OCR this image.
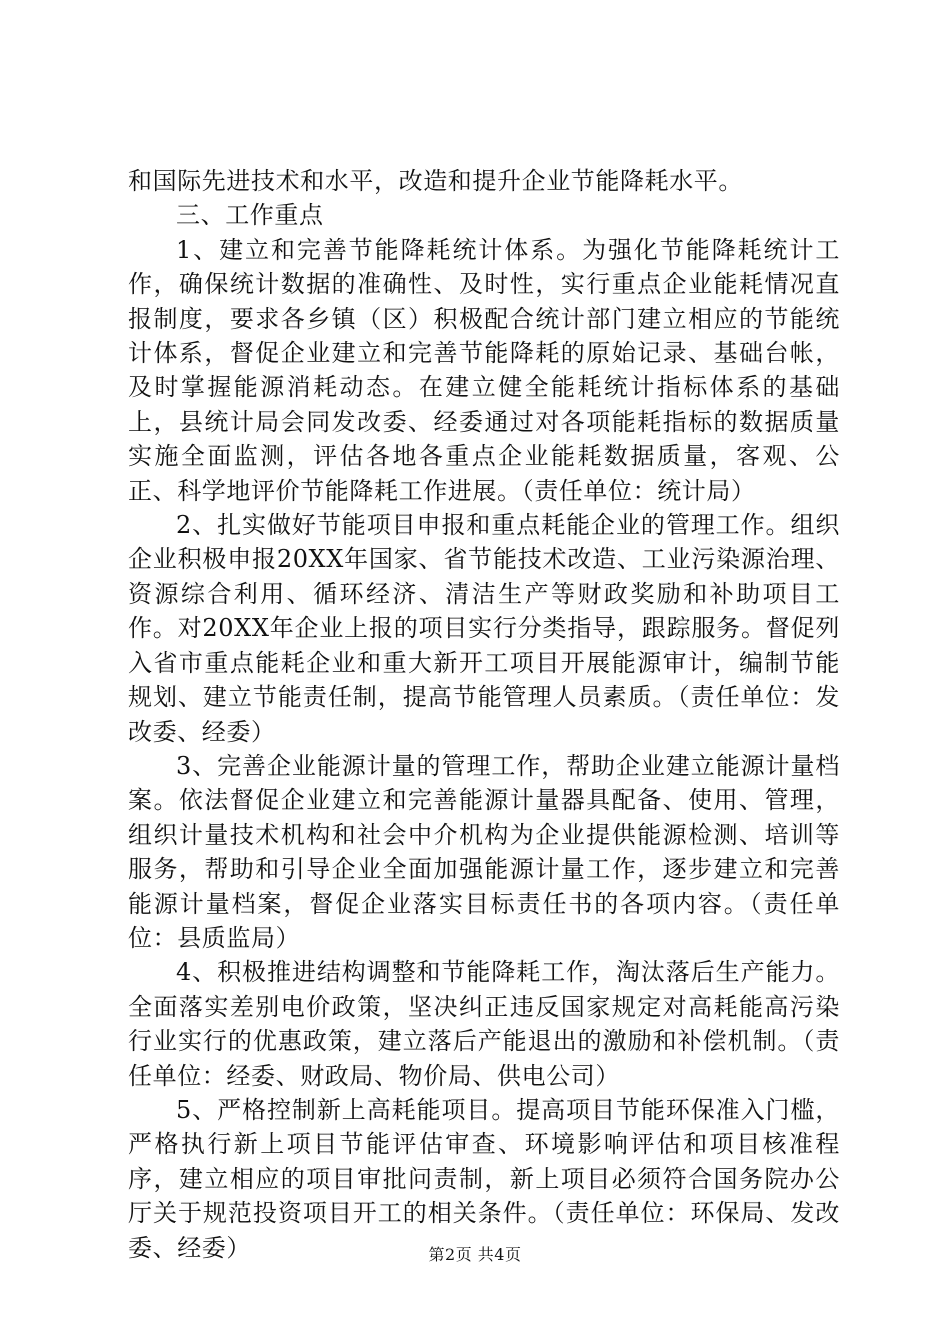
和国际先进技术和水平，改造和提升企业节能降耗水平。

三、工作重点

1、建立和完善节能降耗统计体系。为强化节能降耗统计工作，确保统计数据的准确性、及时性，实行重点企业能耗情况直报制度，要求各乡镇（区）积极配合统计部门建立相应的节能统计体系，督促企业建立和完善节能降耗的原始记录、基础台帐，及时掌握能源消耗动态。在建立健全能耗统计指标体系的基础上，县统计局会同发改委、经委通过对各项能耗指标的数据质量实施全面监测，评估各地各重点企业能耗数据质量，客观、公正、科学地评价节能降耗工作进展。（责任单位：统计局）

2、扎实做好节能项目申报和重点耗能企业的管理工作。组织企业积极申报20XX年国家、省节能技术改造、工业污染源治理、资源综合利用、循环经济、清洁生产等财政奖励和补助项目工作。对20XX年企业上报的项目实行分类指导，跟踪服务。督促列入省市重点能耗企业和重大新开工项目开展能源审计，编制节能规划、建立节能责任制，提高节能管理人员素质。（责任单位：发改委、经委）

3、完善企业能源计量的管理工作，帮助企业建立能源计量档案。依法督促企业建立和完善能源计量器具配备、使用、管理，组织计量技术机构和社会中介机构为企业提供能源检测、培训等服务，帮助和引导企业全面加强能源计量工作，逐步建立和完善能源计量档案，督促企业落实目标责任书的各项内容。（责任单位：县质监局）

4、积极推进结构调整和节能降耗工作，淘汰落后生产能力。全面落实差别电价政策，坚决纠正违反国家规定对高耗能高污染行业实行的优惠政策，建立落后产能退出的激励和补偿机制。（责任单位：经委、财政局、物价局、供电公司）

5、严格控制新上高耗能项目。提高项目节能环保准入门槛，严格执行新上项目节能评估审查、环境影响评估和项目核准程序，建立相应的项目审批问责制，新上项目必须符合国务院办公厅关于规范投资项目开工的相关条件。（责任单位：环保局、发改委、经委）	第2页 共4页
